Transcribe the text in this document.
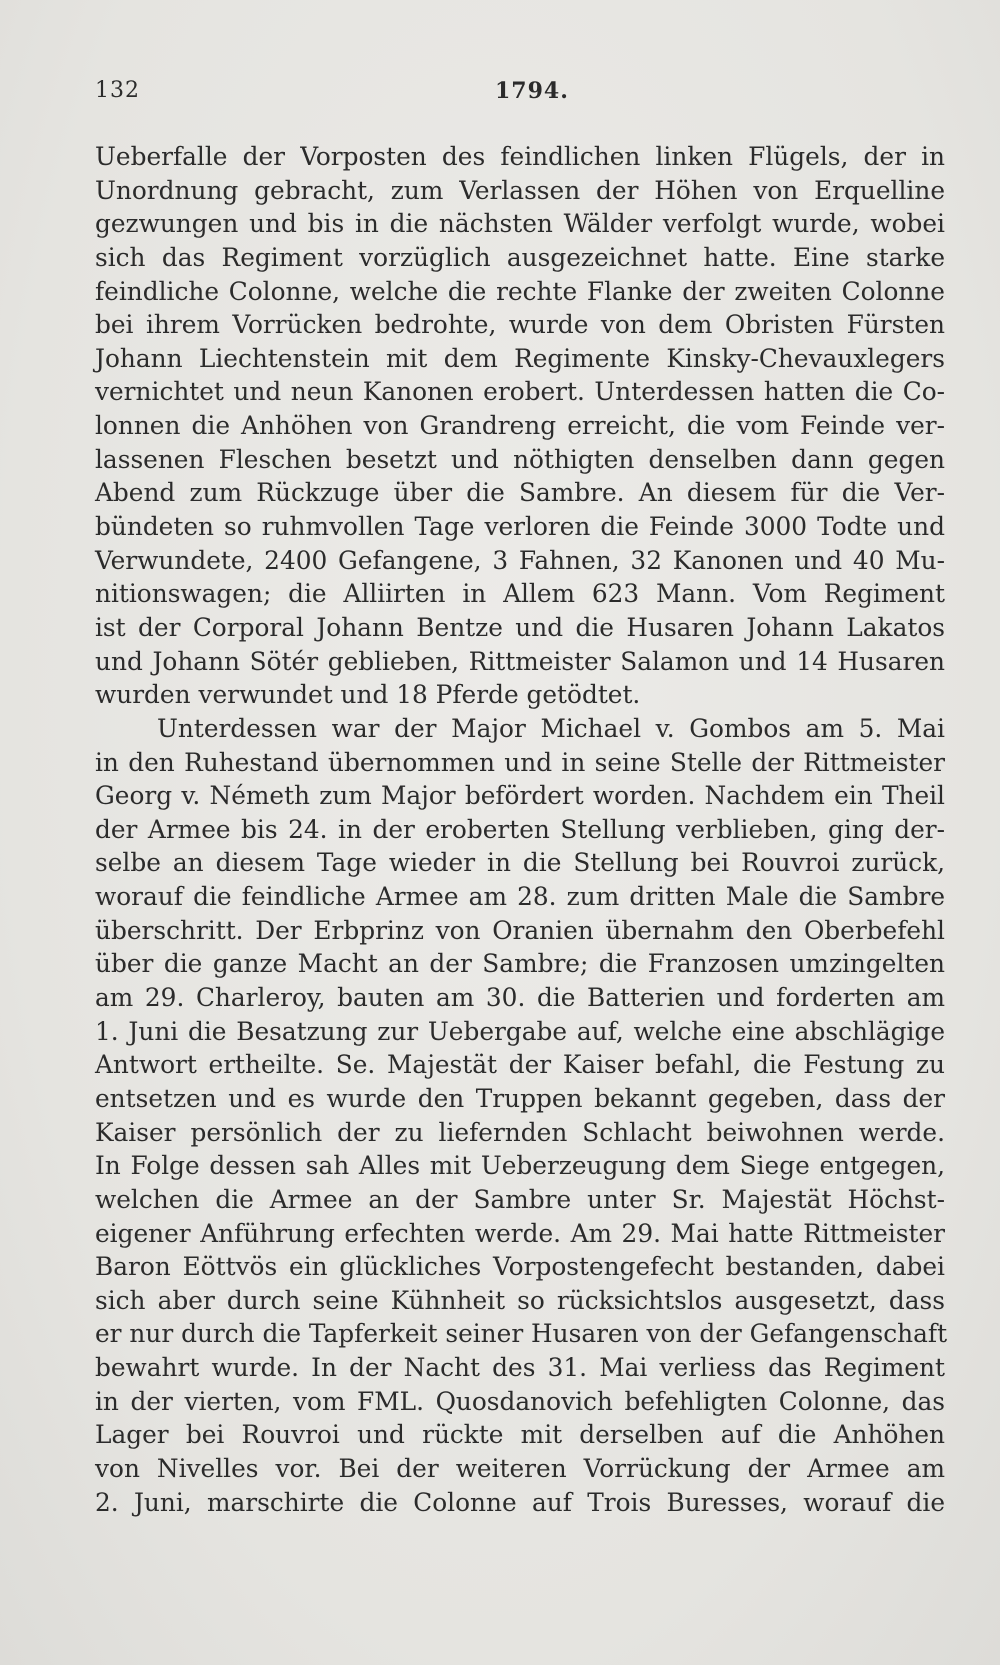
132	1794.
Ueberfalle der Vorposten des feindlichen linken Flügels, der in
Unordnung gebracht, zum Verlassen der Höhen von Erquelline
gezwungen und bis in die nächsten Wälder verfolgt wurde, wobei
sich das Regiment vorzüglich ausgezeichnet hatte. Eine starke
feindliche Colonne, welche die rechte Flanke der zweiten Colonne
bei ihrem Vorrücken bedrohte, wurde von dem Obristen Fürsten
Johann Liechtenstein mit dem Regimente Kinsky-Chevauxlegers
vernichtet und neun Kanonen erobert. Unterdessen hatten die Co-
lonnen die Anhöhen von Grandreng erreicht, die vom Feinde ver-
lassenen Fleschen besetzt und nöthigten denselben dann gegen
Abend zum Rückzuge über die Sambre. An diesem für die Ver-
bündeten so ruhmvollen Tage verloren die Feinde 3000 Todte und
Verwundete, 2400 Gefangene, 3 Fahnen, 32 Kanonen und 40 Mu-
nitionswagen; die Alliirten in Allem 623 Mann. Vom Regiment
ist der Corporal Johann Bentze und die Husaren Johann Lakatos
und Johann Sötér geblieben, Rittmeister Salamon und 14 Husaren
wurden verwundet und 18 Pferde getödtet.
Unterdessen war der Major Michael v. Gombos am 5. Mai
in den Ruhestand übernommen und in seine Stelle der Rittmeister
Georg v. Németh zum Major befördert worden. Nachdem ein Theil
der Armee bis 24. in der eroberten Stellung verblieben, ging der-
selbe an diesem Tage wieder in die Stellung bei Rouvroi zurück,
worauf die feindliche Armee am 28. zum dritten Male die Sambre
überschritt. Der Erbprinz von Oranien übernahm den Oberbefehl
über die ganze Macht an der Sambre; die Franzosen umzingelten
am 29. Charleroy, bauten am 30. die Batterien und forderten am
1. Juni die Besatzung zur Uebergabe auf, welche eine abschlägige
Antwort ertheilte. Se. Majestät der Kaiser befahl, die Festung zu
entsetzen und es wurde den Truppen bekannt gegeben, dass der
Kaiser persönlich der zu liefernden Schlacht beiwohnen werde.
In Folge dessen sah Alles mit Ueberzeugung dem Siege entgegen,
welchen die Armee an der Sambre unter Sr. Majestät Höchst-
eigener Anführung erfechten werde. Am 29. Mai hatte Rittmeister
Baron Eöttvös ein glückliches Vorpostengefecht bestanden, dabei
sich aber durch seine Kühnheit so rücksichtslos ausgesetzt, dass
er nur durch die Tapferkeit seiner Husaren von der Gefangenschaft
bewahrt wurde. In der Nacht des 31. Mai verliess das Regiment
in der vierten, vom FML. Quosdanovich befehligten Colonne, das
Lager bei Rouvroi und rückte mit derselben auf die Anhöhen
von Nivelles vor. Bei der weiteren Vorrückung der Armee am
2. Juni, marschirte die Colonne auf Trois Buresses, worauf die
